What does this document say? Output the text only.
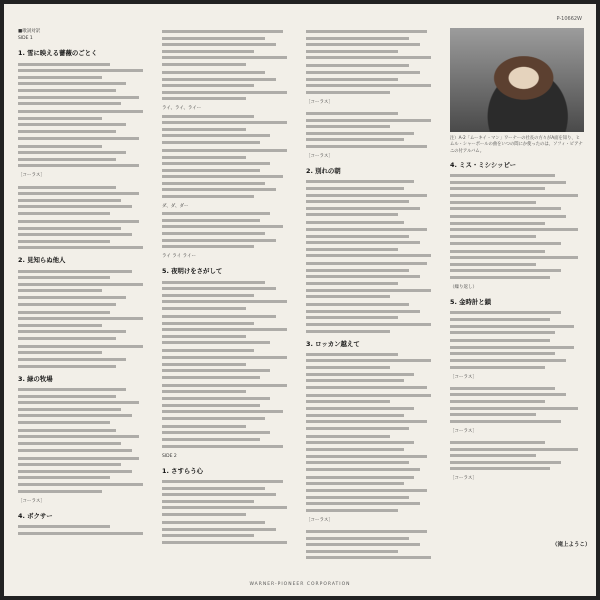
P-10662W
■歌詞対訳
SIDE 1
1. 雪に映える薔薇のごとく
［コーラス］
2. 見知らぬ他人
3. 緑の牧場
［コーラス］
4. ボクサー
ライ、ライ、ライー
ダ、ダ、ダー
ライ ライ ライー
5. 夜明けをさがして
SIDE 2
1. さすらう心
［コーラス］
［コーラス］
2. 別れの朝
3. ロッカン越えて
［コーラス］
注）A-2「ムーキイ・マン」ワーナーの社長の方々がA面を知り、ヒムル・シャーポールの曲をいつの間にか使ったのは、ソフィ・ピアナニの付アルバム。
4. ミス・ミシシッピー
（繰り返し）
5. 金時計と鎖
［コーラス］
［コーラス］
［コーラス］
（滝上ようこ）
WARNER-PIONEER CORPORATION
